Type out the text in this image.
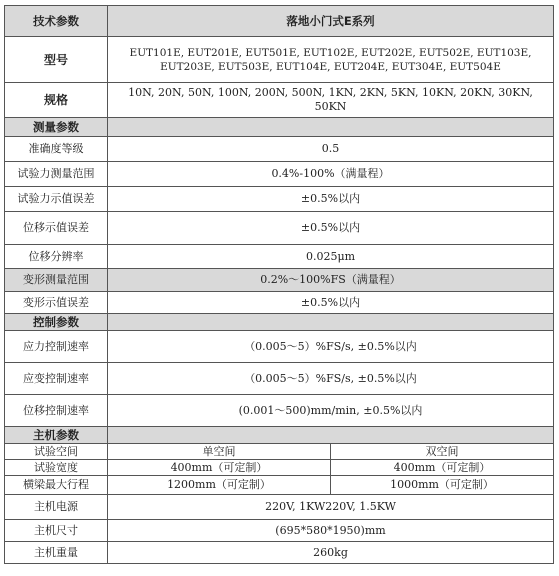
技术参数	落地小门式E系列	
型号	EUT101E, EUT201E, EUT501E, EUT102E, EUT202E, EUT502E, EUT103E, EUT203E, EUT503E, EUT104E, EUT204E, EUT304E, EUT504E	
规格	10N, 20N, 50N, 100N, 200N, 500N, 1KN, 2KN, 5KN, 10KN, 20KN, 30KN, 50KN	
测量参数		
准确度等级	0.5	
试验力测量范围	0.4%-100%（满量程）	
试验力示值误差	±0.5%以内	
位移示值误差	±0.5%以内	
位移分辨率	0.025μm	
变形测量范围	0.2%～100%FS（满量程）	
变形示值误差	±0.5%以内	
控制参数		
应力控制速率	（0.005～5）%FS/s, ±0.5%以内	
应变控制速率	（0.005～5）%FS/s, ±0.5%以内	
位移控制速率	(0.001～500)mm/min, ±0.5%以内	
主机参数		
试验空间	单空间	双空间
试验宽度	400mm（可定制）	400mm（可定制）
横梁最大行程	1200mm（可定制）	1000mm（可定制）
主机电源	220V, 1KW220V, 1.5KW	
主机尺寸	(695*580*1950)mm	
主机重量	260kg	
